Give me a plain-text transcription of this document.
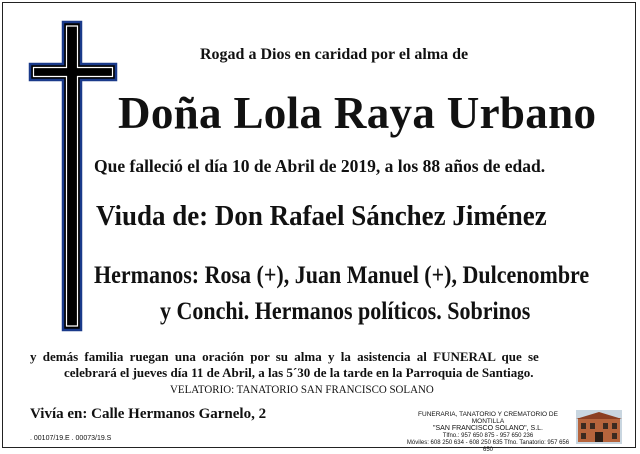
Rogad a Dios en caridad por el alma de
Doña Lola Raya Urbano
Que falleció el día 10 de Abril de 2019, a los 88 años de edad.
Viuda de: Don Rafael Sánchez Jiménez
Hermanos: Rosa (+), Juan Manuel (+), Dulcenombre
y Conchi. Hermanos políticos. Sobrinos
y demás familia ruegan una oración por su alma y la asistencia al FUNERAL que se
celebrará el jueves día 11 de Abril, a las 5´30 de la tarde en la Parroquia de Santiago.
VELATORIO: TANATORIO SAN FRANCISCO SOLANO
Vivía en: Calle Hermanos Garnelo, 2
. 00107/19.E . 00073/19.S
FUNERARIA, TANATORIO Y CREMATORIO DE MONTILLA
"SAN FRANCISCO SOLANO", S.L.
Tlfno.: 957 650 875 - 957 650 236
Móviles: 608 250 634 - 608 250 635 Tfno. Tanatorio: 957 656 650
